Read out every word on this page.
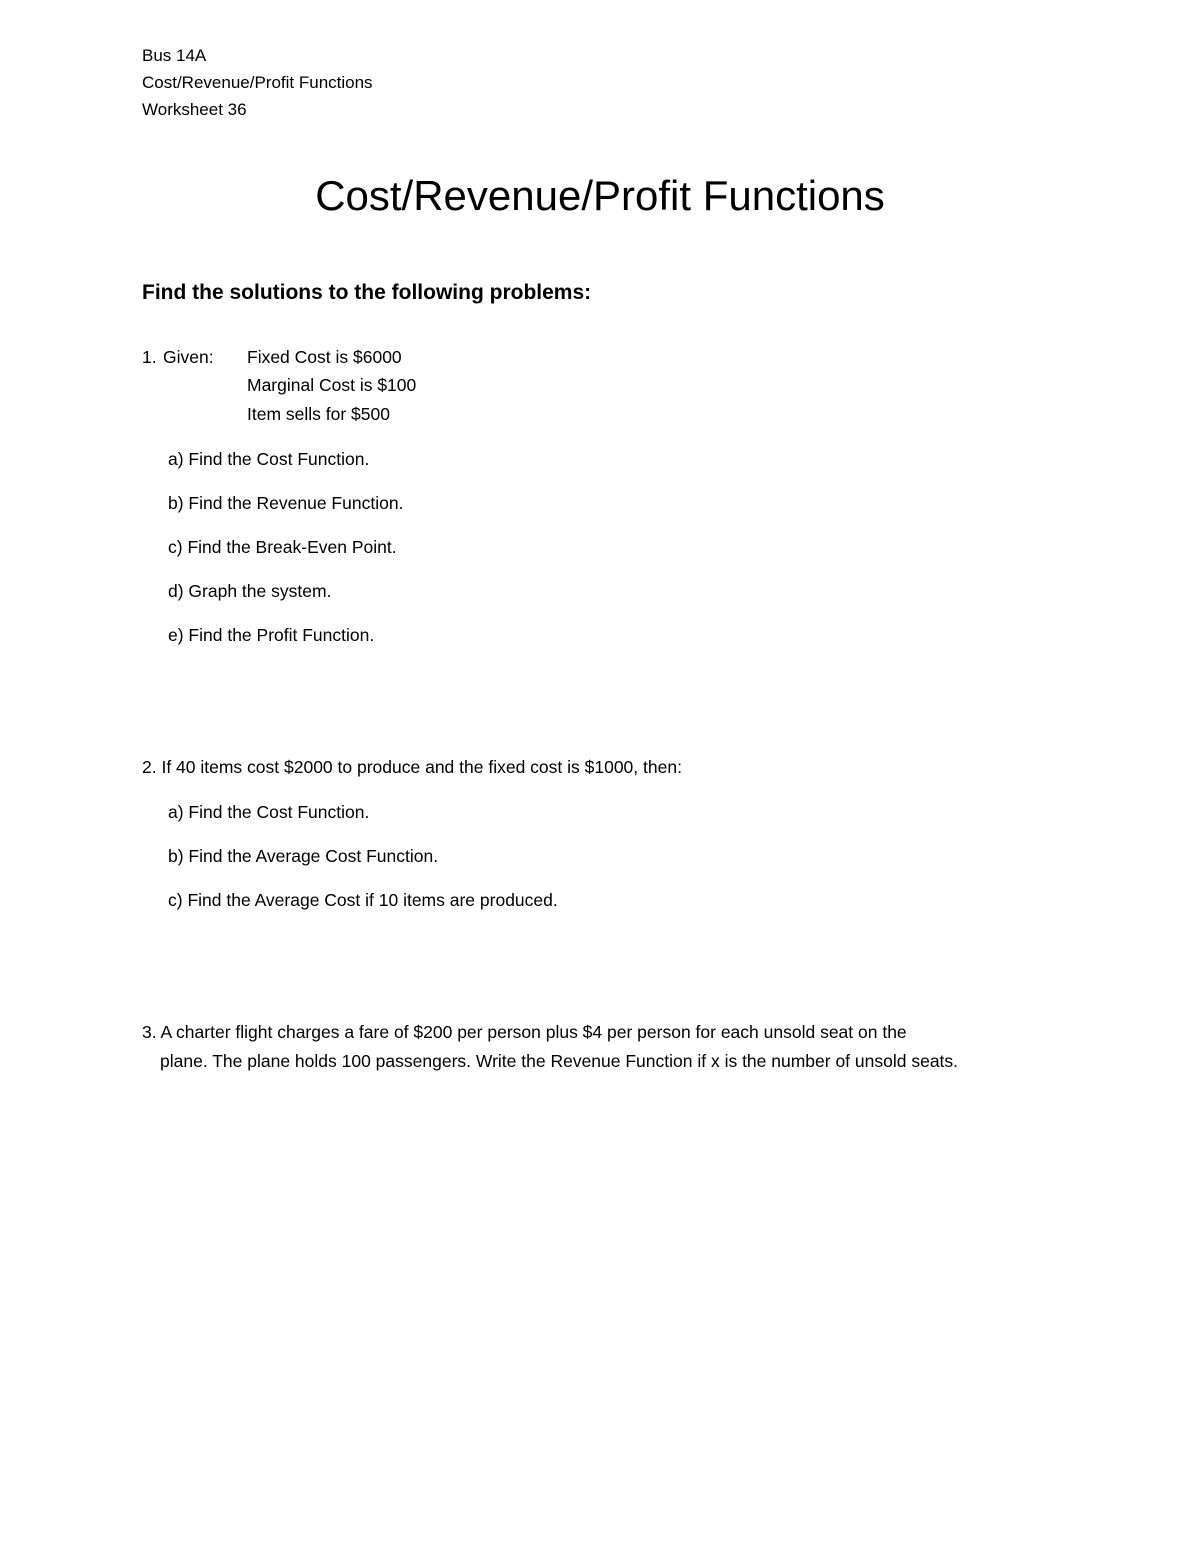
Bus 14A
Cost/Revenue/Profit Functions
Worksheet 36
Cost/Revenue/Profit Functions
Find the solutions to the following problems:
1. Given: Fixed Cost is $6000
Marginal Cost is $100
Item sells for $500
a) Find the Cost Function.
b) Find the Revenue Function.
c) Find the Break-Even Point.
d) Graph the system.
e) Find the Profit Function.
2. If 40 items cost $2000 to produce and the fixed cost is $1000, then:
a) Find the Cost Function.
b) Find the Average Cost Function.
c) Find the Average Cost if 10 items are produced.
3. A charter flight charges a fare of $200 per person plus $4 per person for each unsold seat on the
plane. The plane holds 100 passengers. Write the Revenue Function if x is the number of unsold seats.
